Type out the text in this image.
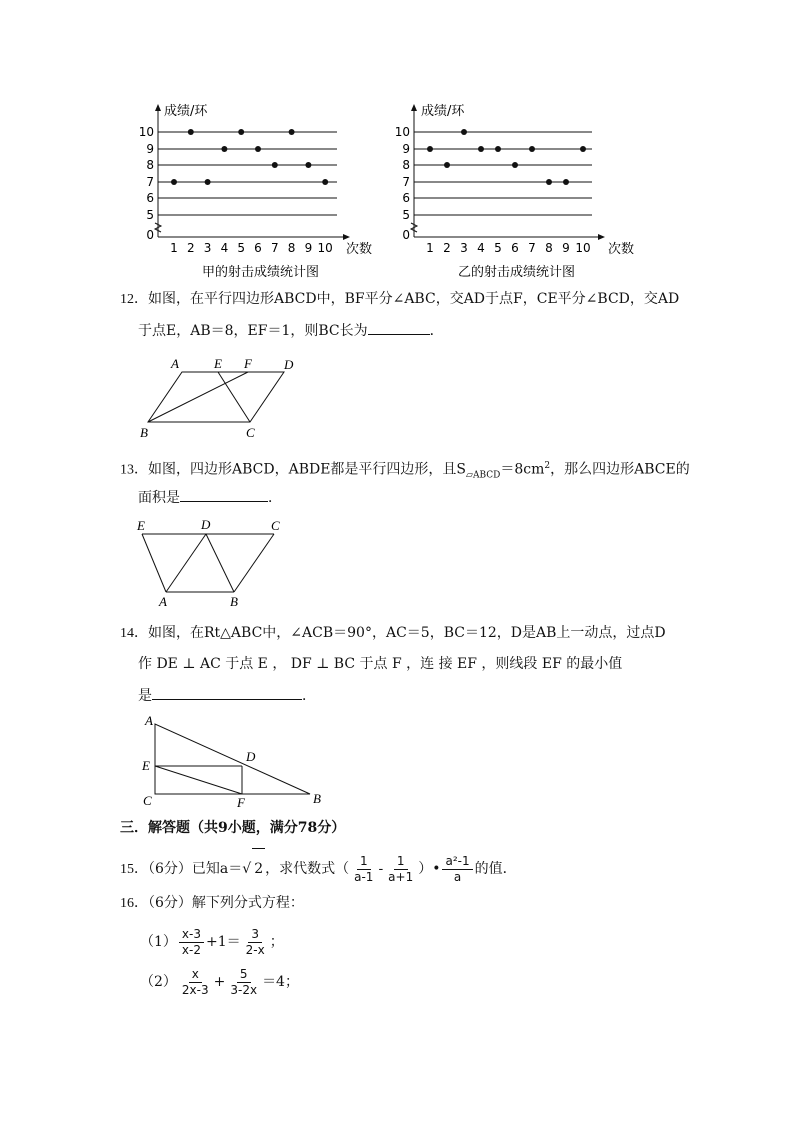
成绩/环
次数
甲的射击成绩统计图
10
9
8
7
6
5
0
1 2 3 4 5 6 7 8 9 10
成绩/环
次数
乙的射击成绩统计图
10
9
8
7
6
5
0
1 2 3 4 5 6 7 8 9 10
12．如图，在平行四边形ABCD中，BF平分∠ABC，交AD于点F，CE平分∠BCD，交AD
于点E，AB＝8，EF＝1，则BC长为	．
A	E F D
B	C
13．如图，四边形ABCD，ABDE都是平行四边形，且$S_{▱ABCD}=8cm^2$，那么四边形ABCE的
面积是	．
E	D	C
A	B
14．如图，在Rt△ABC中，∠ACB＝90°，AC＝5，BC＝12，D是AB上一动点，过点D
作 DE ⊥ AC 于点 E ， DF ⊥ BC 于点 F ，连 接 EF ，则线段 EF 的最小值
是	．
A
E
D
C	F	B
三．解答题（共9小题，满分78分）
15．（6分）已知a＝√ 2 ，求代数式（ $\frac{1}{a-1} - \frac{1}{a+1}$ ）• $\frac{\text{a²-1}}{a}$ 的值．
16．（6分）解下列分式方程：
$(1) \frac{x-3}{x-2} +1= \frac{3}{2-x}$ ；
$(2) \frac{x}{2x-3} + \frac{5}{3-2x} =4$；
